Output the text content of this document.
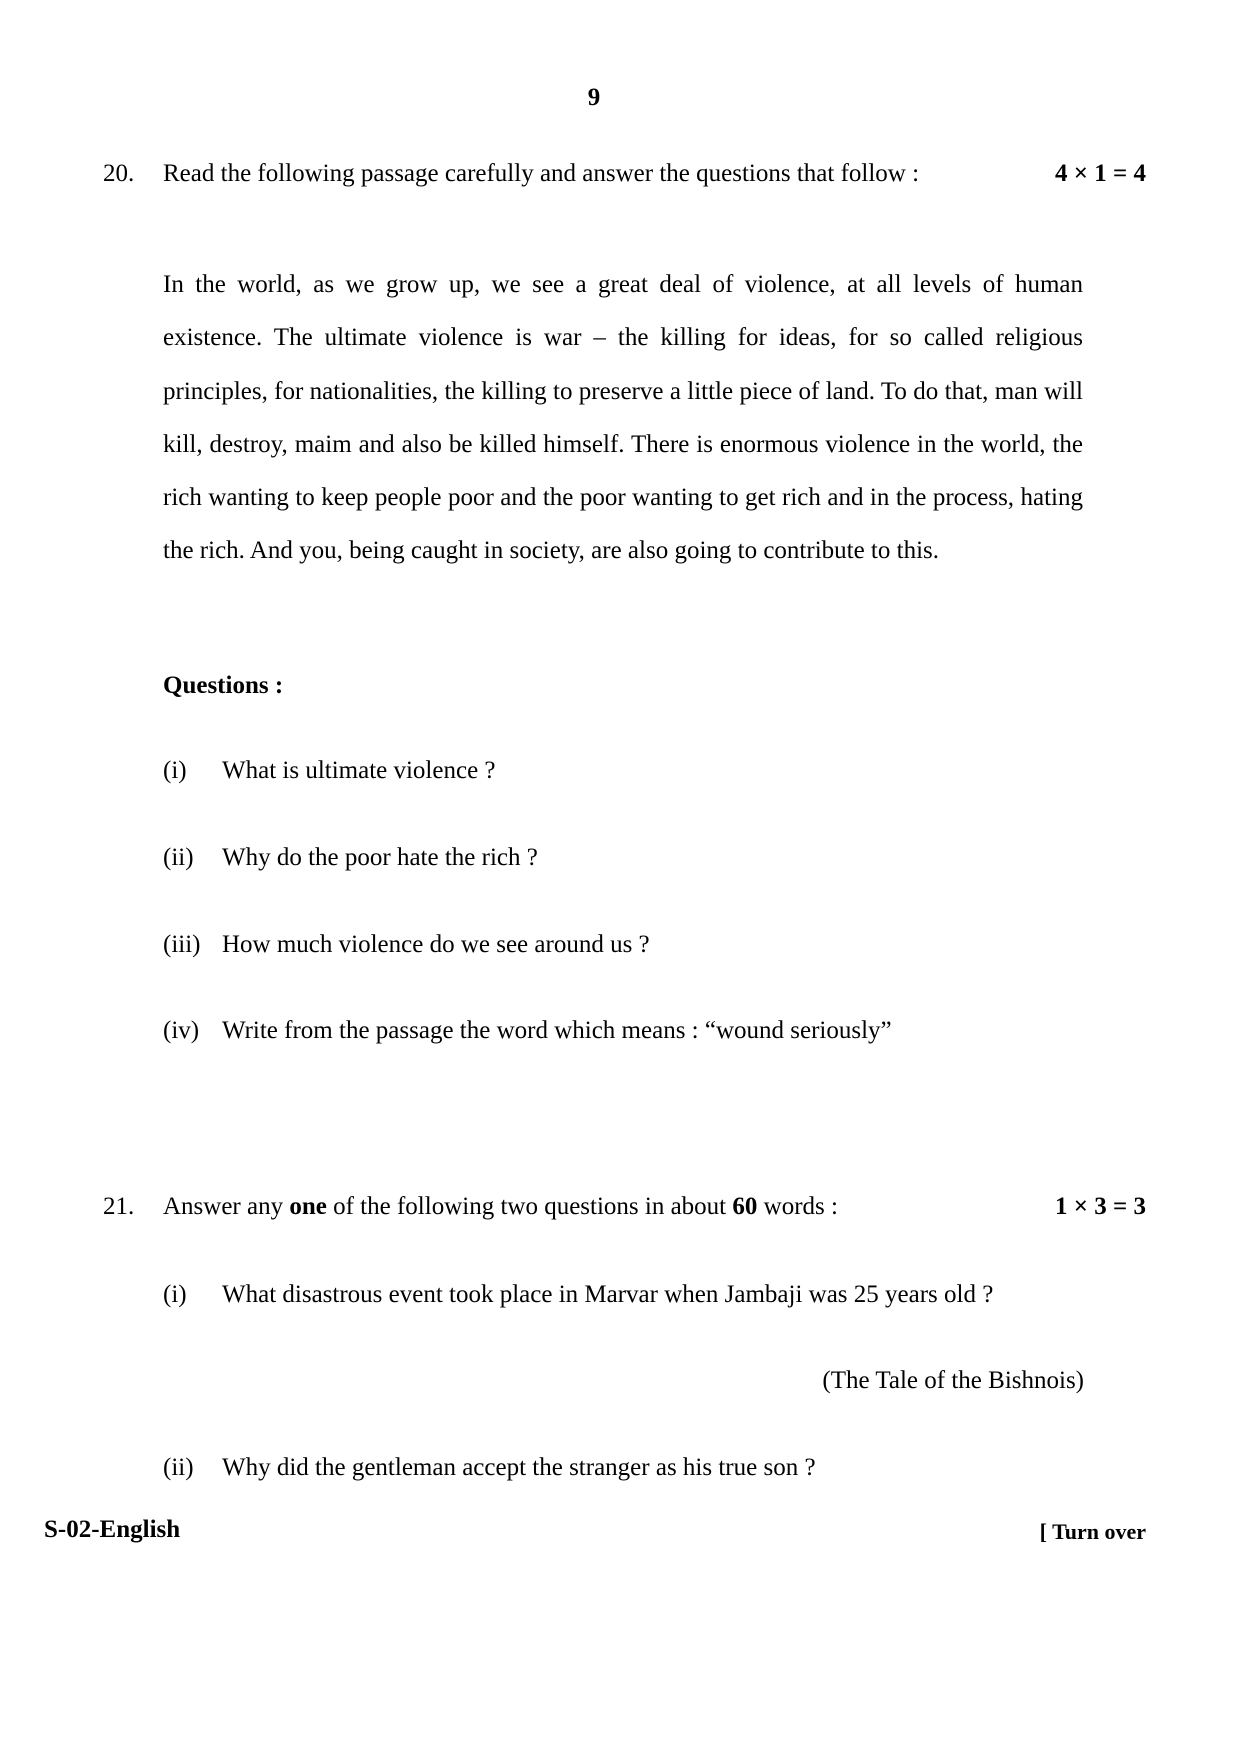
9
20. Read the following passage carefully and answer the questions that follow :	4 × 1 = 4

In the world, as we grow up, we see a great deal of violence, at all levels of human existence. The ultimate violence is war – the killing for ideas, for so called religious principles, for nationalities, the killing to preserve a little piece of land. To do that, man will kill, destroy, maim and also be killed himself. There is enormous violence in the world, the rich wanting to keep people poor and the poor wanting to get rich and in the process, hating the rich. And you, being caught in society, are also going to contribute to this.

Questions :
(i) What is ultimate violence ?
(ii) Why do the poor hate the rich ?
(iii) How much violence do we see around us ?
(iv) Write from the passage the word which means : “wound seriously”
21. Answer any one of the following two questions in about 60 words :	1 × 3 = 3
(i) What disastrous event took place in Marvar when Jambaji was 25 years old ?
(The Tale of the Bishnois)
(ii) Why did the gentleman accept the stranger as his true son ?
S-02-English	[ Turn over
